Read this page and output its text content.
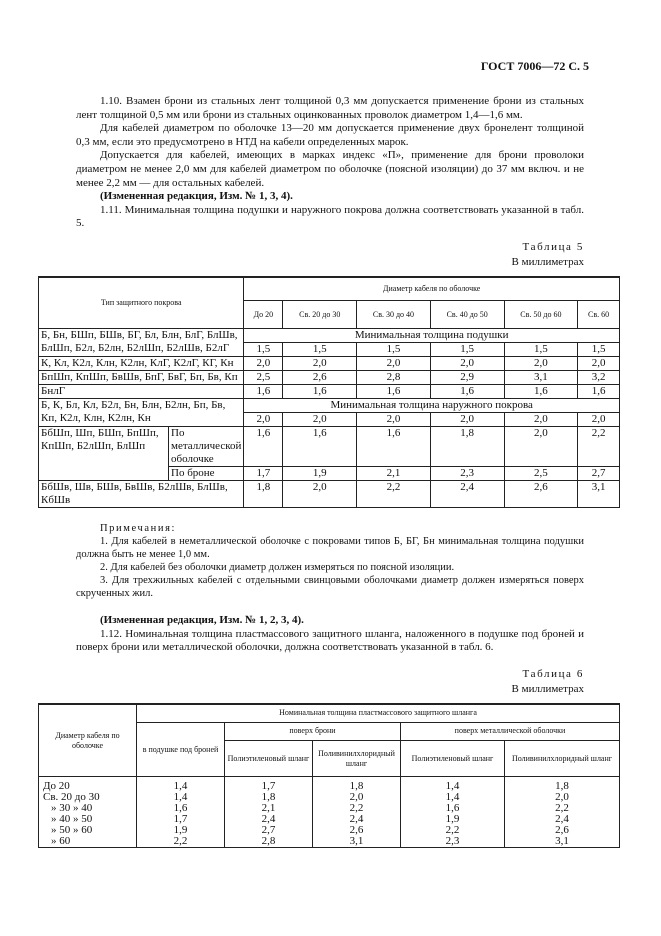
ГОСТ 7006—72 С. 5

1.10. Взамен брони из стальных лент толщиной 0,3 мм допускается применение брони из стальных лент толщиной 0,5 мм или брони из стальных оцинкованных проволок диаметром 1,4—1,6 мм.

Для кабелей диаметром по оболочке 13—20 мм допускается применение двух бронелент толщиной 0,3 мм, если это предусмотрено в НТД на кабели определенных марок.

Допускается для кабелей, имеющих в марках индекс «П», применение для брони проволоки диаметром не менее 2,0 мм для кабелей диаметром по оболочке (поясной изоляции) до 37 мм включ. и не менее 2,2 мм — для остальных кабелей.

(Измененная редакция, Изм. № 1, 3, 4).

1.11. Минимальная толщина подушки и наружного покрова должна соответствовать указанной в табл. 5.

Таблица 5
В миллиметрах
Тип защитного покрова		Диаметр кабеля по оболочке					
		До 20	Св. 20 до 30	Св. 30 до 40	Св. 40 до 50	Св. 50 до 60	Св. 60
Б, Бн, БШп, БШв, БГ, Бл, Блн, БлГ, БлШв, БлШп, Б2л, Б2лн, Б2лШп, Б2лШв, Б2лГ		Минимальная толщина подушки					
		1,5	1,5	1,5	1,5	1,5	1,5
К, Кл, К2л, Клн, К2лн, КлГ, К2лГ, КГ, Кн		2,0	2,0	2,0	2,0	2,0	2,0
БпШп, КпШп, БвШв, БпГ, БвГ, Бп, Бв, Кп		2,5	2,6	2,8	2,9	3,1	3,2
БнлГ		1,6	1,6	1,6	1,6	1,6	1,6
Б, К, Бл, Кл, Б2л, Бн, Блн, Б2лн, Бп, Бв, Кп, К2л, Клн, К2лн, Кн		Минимальная толщина наружного покрова					
		2,0	2,0	2,0	2,0	2,0	2,0
БбШп, Шп, БШп, БпШп, КпШп, Б2лШп, БлШп	По металлической оболочке	1,6	1,6	1,6	1,8	2,0	2,2
	По броне	1,7	1,9	2,1	2,3	2,5	2,7
БбШв, Шв, БШв, БвШв, Б2лШв, БлШв, КбШв		1,8	2,0	2,2	2,4	2,6	3,1

Примечания:

1. Для кабелей в неметаллической оболочке с покровами типов Б, БГ, Бн минимальная толщина подушки должна быть не менее 1,0 мм.

2. Для кабелей без оболочки диаметр должен измеряться по поясной изоляции.

3. Для трехжильных кабелей с отдельными свинцовыми оболочками диаметр должен измеряться поверх скрученных жил.

(Измененная редакция, Изм. № 1, 2, 3, 4).

1.12. Номинальная толщина пластмассового защитного шланга, наложенного в подушке под броней и поверх брони или металлической оболочки, должна соответствовать указанной в табл. 6.

Таблица 6
В миллиметрах
Диаметр кабеля по оболочке	Номинальная толщина пластмассового защитного шланга				
	в подушке под броней	поверх брони		поверх металлической оболочки	
		Полиэтиленовый шланг	Поливинилхлоридный шланг	Полиэтиленовый шланг	Поливинилхлоридный шланг
До 20	1,4	1,7	1,8	1,4	1,8
Св. 20 до 30	1,4	1,8	2,0	1,4	2,0
» 30 » 40	1,6	2,1	2,2	1,6	2,2
» 40 » 50	1,7	2,4	2,4	1,9	2,4
» 50 » 60	1,9	2,7	2,6	2,2	2,6
» 60	2,2	2,8	3,1	2,3	3,1
